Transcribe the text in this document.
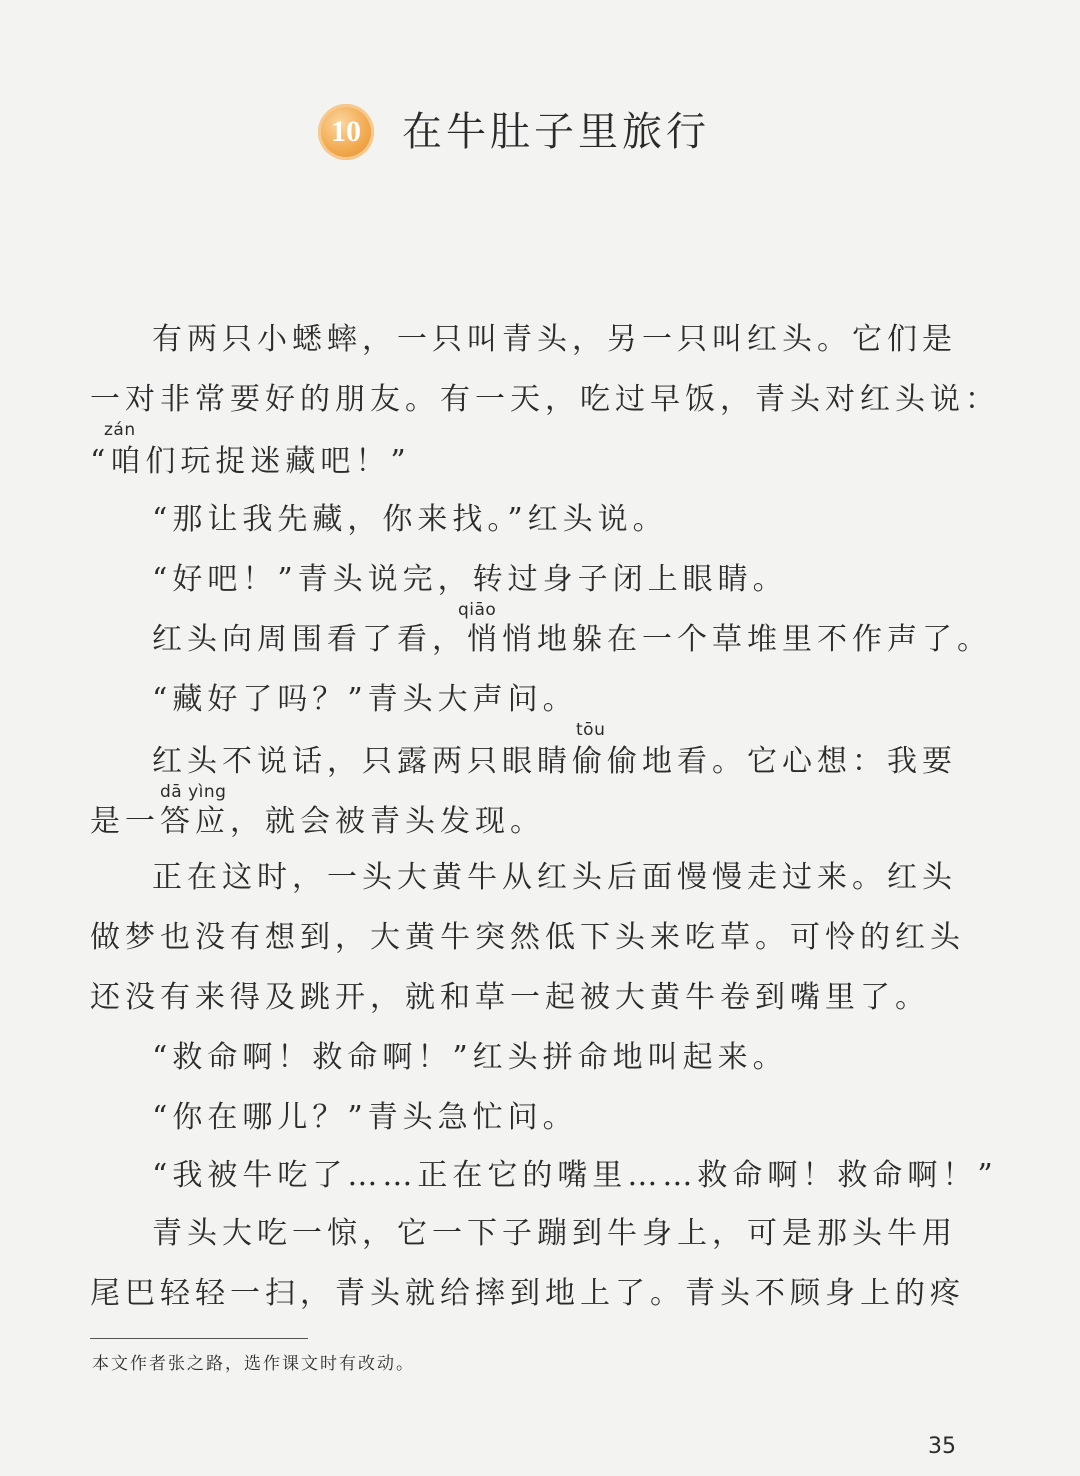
10	在牛肚子里旅行
有两只小蟋蟀，一只叫青头，另一只叫红头。它们是
一对非常要好的朋友。有一天，吃过早饭，青头对红头说：
zán
“咱们玩捉迷藏吧！”
“那让我先藏，你来找。”红头说。
“好吧！”青头说完，转过身子闭上眼睛。
qiāo
红头向周围看了看，悄悄地躲在一个草堆里不作声了。
“藏好了吗？”青头大声问。
tōu
红头不说话，只露两只眼睛偷偷地看。它心想：我要
dā yìng
是一答应，就会被青头发现。
正在这时，一头大黄牛从红头后面慢慢走过来。红头
做梦也没有想到，大黄牛突然低下头来吃草。可怜的红头
还没有来得及跳开，就和草一起被大黄牛卷到嘴里了。
“救命啊！救命啊！”红头拼命地叫起来。
“你在哪儿？”青头急忙问。
“我被牛吃了……正在它的嘴里……救命啊！救命啊！”
青头大吃一惊，它一下子蹦到牛身上，可是那头牛用
尾巴轻轻一扫，青头就给摔到地上了。青头不顾身上的疼
本文作者张之路，选作课文时有改动。
35
